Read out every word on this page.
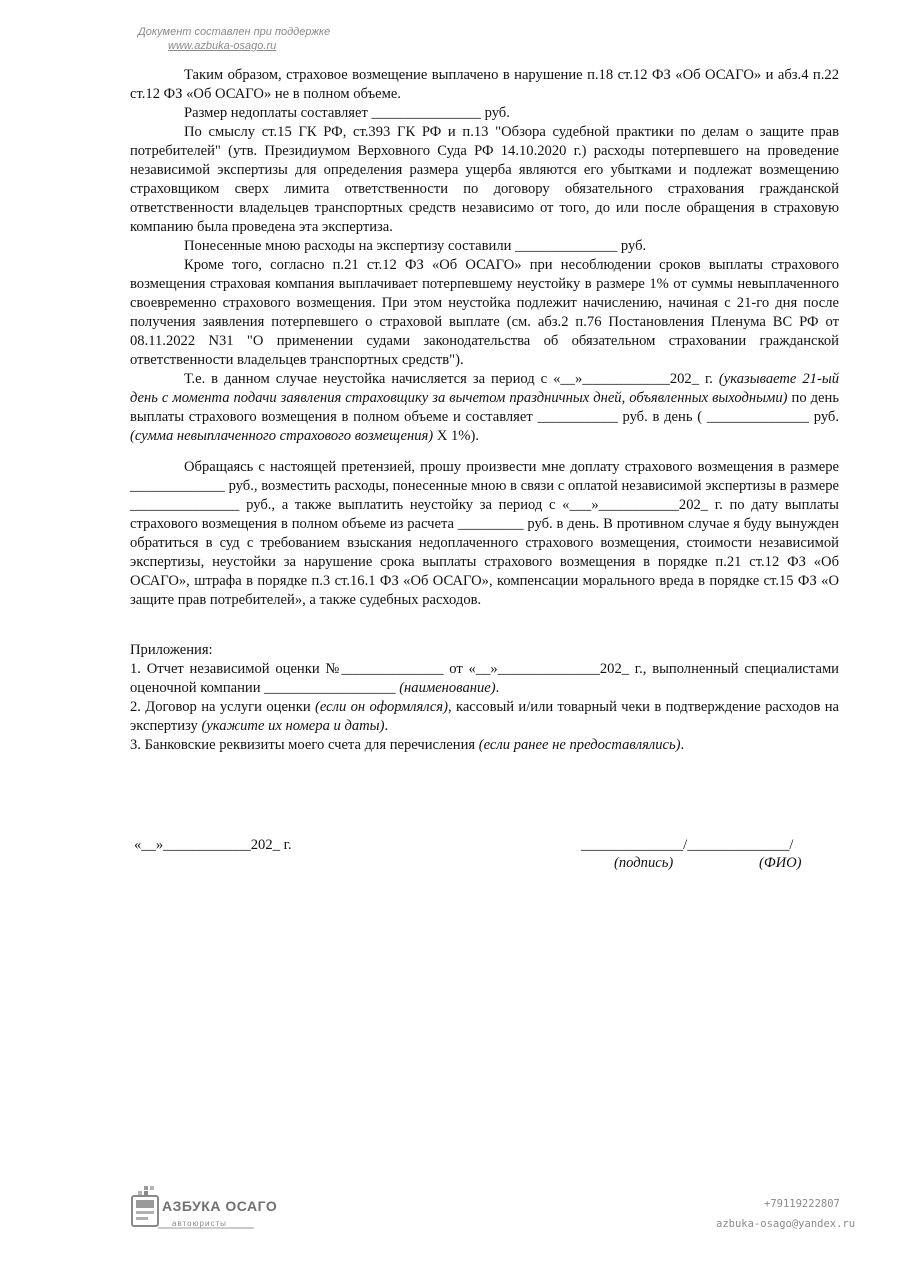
Документ составлен при поддержке
www.azbuka-osago.ru

Таким образом, страховое возмещение выплачено в нарушение п.18 ст.12 ФЗ «Об ОСАГО» и абз.4 п.22 ст.12 ФЗ «Об ОСАГО» не в полном объеме.

Размер недоплаты составляет _______________ руб.

По смыслу ст.15 ГК РФ, ст.393 ГК РФ и п.13 "Обзора судебной практики по делам о защите прав потребителей" (утв. Президиумом Верховного Суда РФ 14.10.2020 г.) расходы потерпевшего на проведение независимой экспертизы для определения размера ущерба являются его убытками и подлежат возмещению страховщиком сверх лимита ответственности по договору обязательного страхования гражданской ответственности владельцев транспортных средств независимо от того, до или после обращения в страховую компанию была проведена эта экспертиза.

Понесенные мною расходы на экспертизу составили ______________ руб.

Кроме того, согласно п.21 ст.12 ФЗ «Об ОСАГО» при несоблюдении сроков выплаты страхового возмещения страховая компания выплачивает потерпевшему неустойку в размере 1% от суммы невыплаченного своевременно страхового возмещения. При этом неустойка подлежит начислению, начиная с 21-го дня после получения заявления потерпевшего о страховой выплате (см. абз.2 п.76 Постановления Пленума ВС РФ от 08.11.2022 N31 "О применении судами законодательства об обязательном страховании гражданской ответственности владельцев транспортных средств").

Т.е. в данном случае неустойка начисляется за период с «__»____________202_ г. (указываете 21-ый день с момента подачи заявления страховщику за вычетом праздничных дней, объявленных выходными) по день выплаты страхового возмещения в полном объеме и составляет ___________ руб. в день ( ______________ руб. (сумма невыплаченного страхового возмещения) Х 1%).

Обращаясь с настоящей претензией, прошу произвести мне доплату страхового возмещения в размере _____________ руб., возместить расходы, понесенные мною в связи с оплатой независимой экспертизы в размере _______________ руб., а также выплатить неустойку за период с «___»___________202_ г. по дату выплаты страхового возмещения в полном объеме из расчета _________ руб. в день. В противном случае я буду вынужден обратиться в суд с требованием взыскания недоплаченного страхового возмещения, стоимости независимой экспертизы, неустойки за нарушение срока выплаты страхового возмещения в порядке п.21 ст.12 ФЗ «Об ОСАГО», штрафа в порядке п.3 ст.16.1 ФЗ «Об ОСАГО», компенсации морального вреда в порядке ст.15 ФЗ «О защите прав потребителей», а также судебных расходов.

Приложения:

1. Отчет независимой оценки №______________ от «__»______________202_ г., выполненный специалистами оценочной компании __________________ (наименование).

2. Договор на услуги оценки (если он оформлялся), кассовый и/или товарный чеки в подтверждение расходов на экспертизу (укажите их номера и даты).

3. Банковские реквизиты моего счета для перечисления (если ранее не предоставлялись).

«__»____________202_ г.	______________/______________/
(подпись)	(ФИО)
АЗБУКА ОСАГО
автоюристы
+79119222807
azbuka-osago@yandex.ru
